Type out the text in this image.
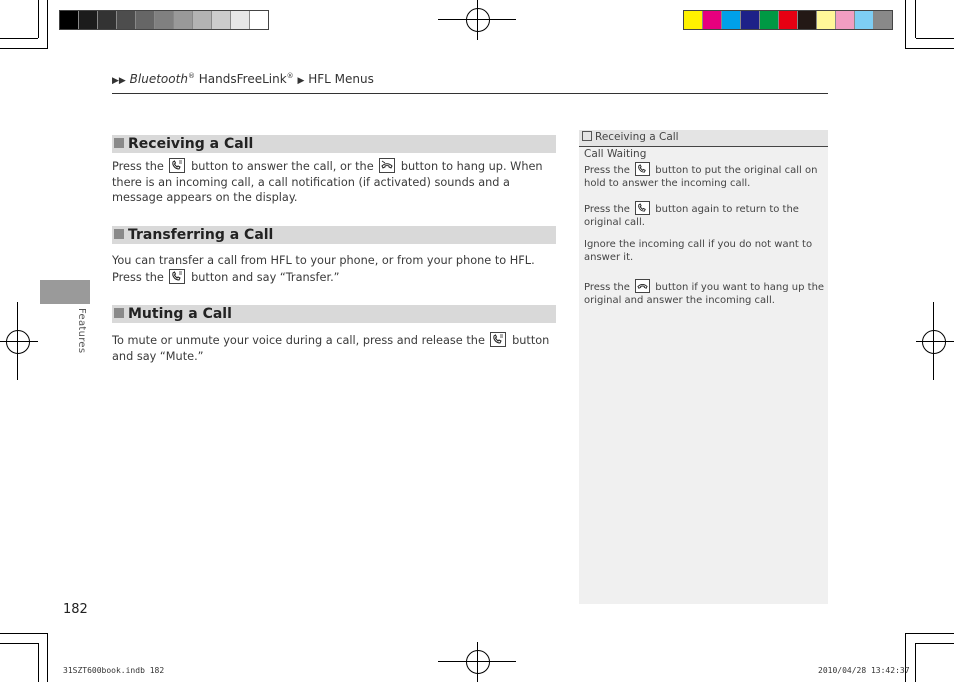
▶▶ Bluetooth® HandsFreeLink® ▶ HFL Menus
Features
Receiving a Call
Press the button to answer the call, or the button to hang up. When there is an incoming call, a call notification (if activated) sounds and a message appears on the display.
Transferring a Call
You can transfer a call from HFL to your phone, or from your phone to HFL. Press the button and say “Transfer.”
Muting a Call
To mute or unmute your voice during a call, press and release the button and say “Mute.”
Receiving a Call
Call Waiting
Press the	button to put the original call on hold to answer the incoming call.
Press the	button again to return to the original call.
Ignore the incoming call if you do not want to answer it.
Press the	button if you want to hang up the original and answer the incoming call.
182
31SZT600book.indb 182	2010/04/28 13:42:37
